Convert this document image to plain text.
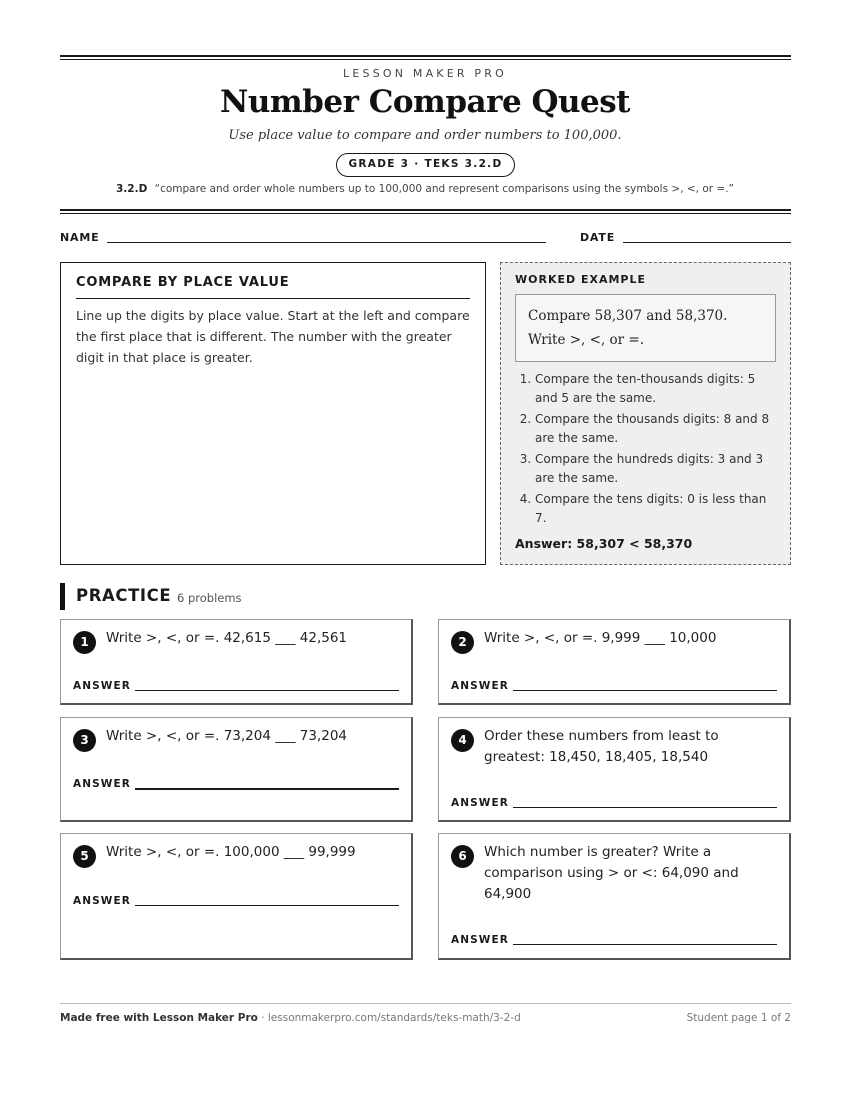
LESSON MAKER PRO
Number Compare Quest
Use place value to compare and order numbers to 100,000.
GRADE 3 · TEKS 3.2.D
3.2.D “compare and order whole numbers up to 100,000 and represent comparisons using the symbols >, <, or =.”
NAME	DATE
COMPARE BY PLACE VALUE
Line up the digits by place value. Start at the left and compare the first place that is different. The number with the greater digit in that place is greater.
WORKED EXAMPLE
Compare 58,307 and 58,370. Write >, <, or =.
1. Compare the ten-thousands digits: 5 and 5 are the same.
2. Compare the thousands digits: 8 and 8 are the same.
3. Compare the hundreds digits: 3 and 3 are the same.
4. Compare the tens digits: 0 is less than 7.
Answer: 58,307 < 58,370
PRACTICE 6 problems
1	Write >, <, or =. 42,615 ___ 42,561
ANSWER
2	Write >, <, or =. 9,999 ___ 10,000
ANSWER
3	Write >, <, or =. 73,204 ___ 73,204
ANSWER
4	Order these numbers from least to greatest: 18,450, 18,405, 18,540
ANSWER
5	Write >, <, or =. 100,000 ___ 99,999
ANSWER
6	Which number is greater? Write a comparison using > or <: 64,090 and 64,900
ANSWER
Made free with Lesson Maker Pro · lessonmakerpro.com/standards/teks-math/3-2-d	Student page 1 of 2
